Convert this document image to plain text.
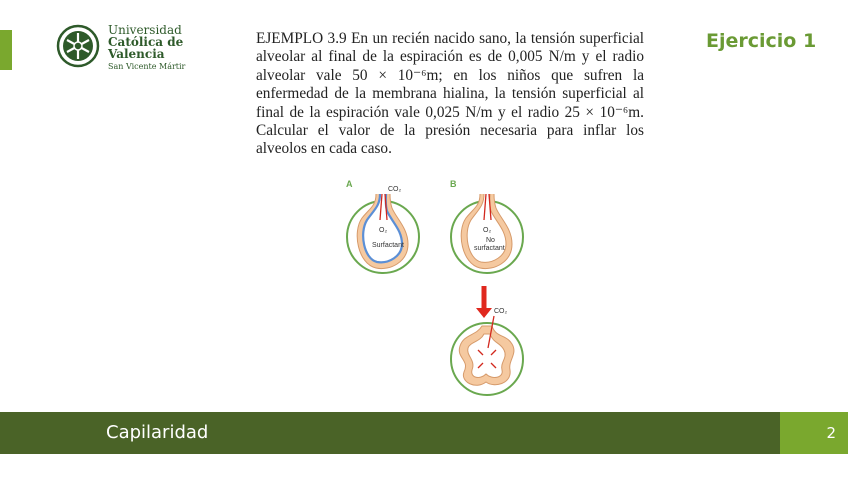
Universidad
Católica de
Valencia
San Vicente Mártir
Ejercicio 1

EJEMPLO 3.9 En un recién nacido sano, la tensión superficial alveolar al final de la espiración es de 0,005 N/m y el radio alveolar vale 50 × 10⁻⁶m; en los niños que sufren la enfermedad de la membrana hialina, la tensión superficial al final de la espiración vale 0,025 N/m y el radio 25 × 10⁻⁶m. Calcular el valor de la presión necesaria para inflar los alveolos en cada caso.

A
CO₂
O₂
Surfactant
B
O₂
No
surfactant
CO₂
Capilaridad	2
